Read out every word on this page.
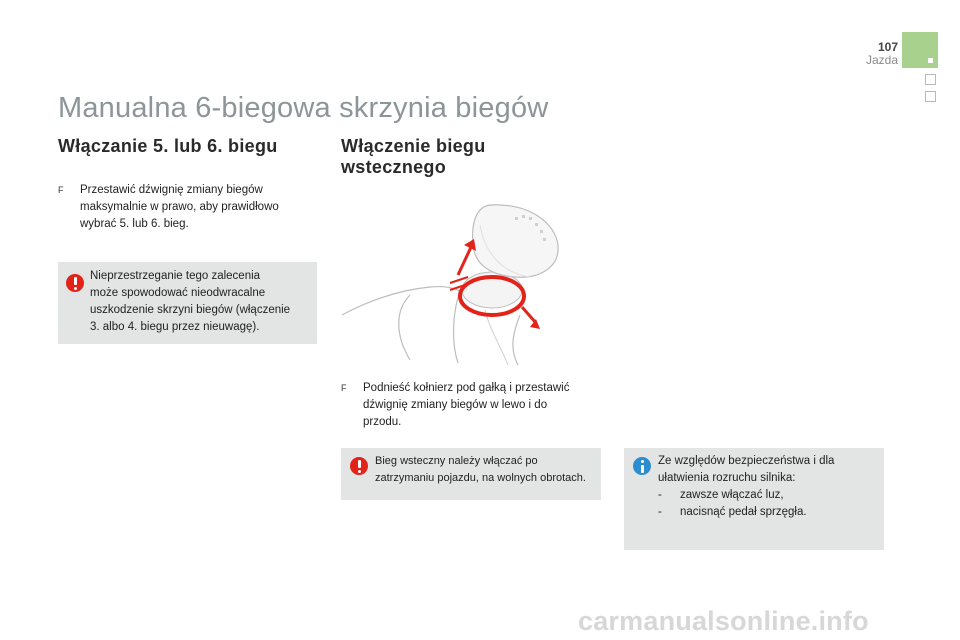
107
Jazda
Manualna 6-biegowa skrzynia biegów
Włączanie 5. lub 6. biegu
F Przestawić dźwignię zmiany biegów
maksymalnie w prawo, aby prawidłowo
wybrać 5. lub 6. bieg.
Nieprzestrzeganie tego zalecenia
może spowodować nieodwracalne
uszkodzenie skrzyni biegów (włączenie
3. albo 4. biegu przez nieuwagę).
Włączenie biegu
wstecznego
F Podnieść kołnierz pod gałką i przestawić
dźwignię zmiany biegów w lewo i do
przodu.
Bieg wsteczny należy włączać po
zatrzymaniu pojazdu, na wolnych obrotach.
Ze względów bezpieczeństwa i dla
ułatwienia rozruchu silnika:
- zawsze włączać luz,
- nacisnąć pedał sprzęgła.
carmanualsonline.info
